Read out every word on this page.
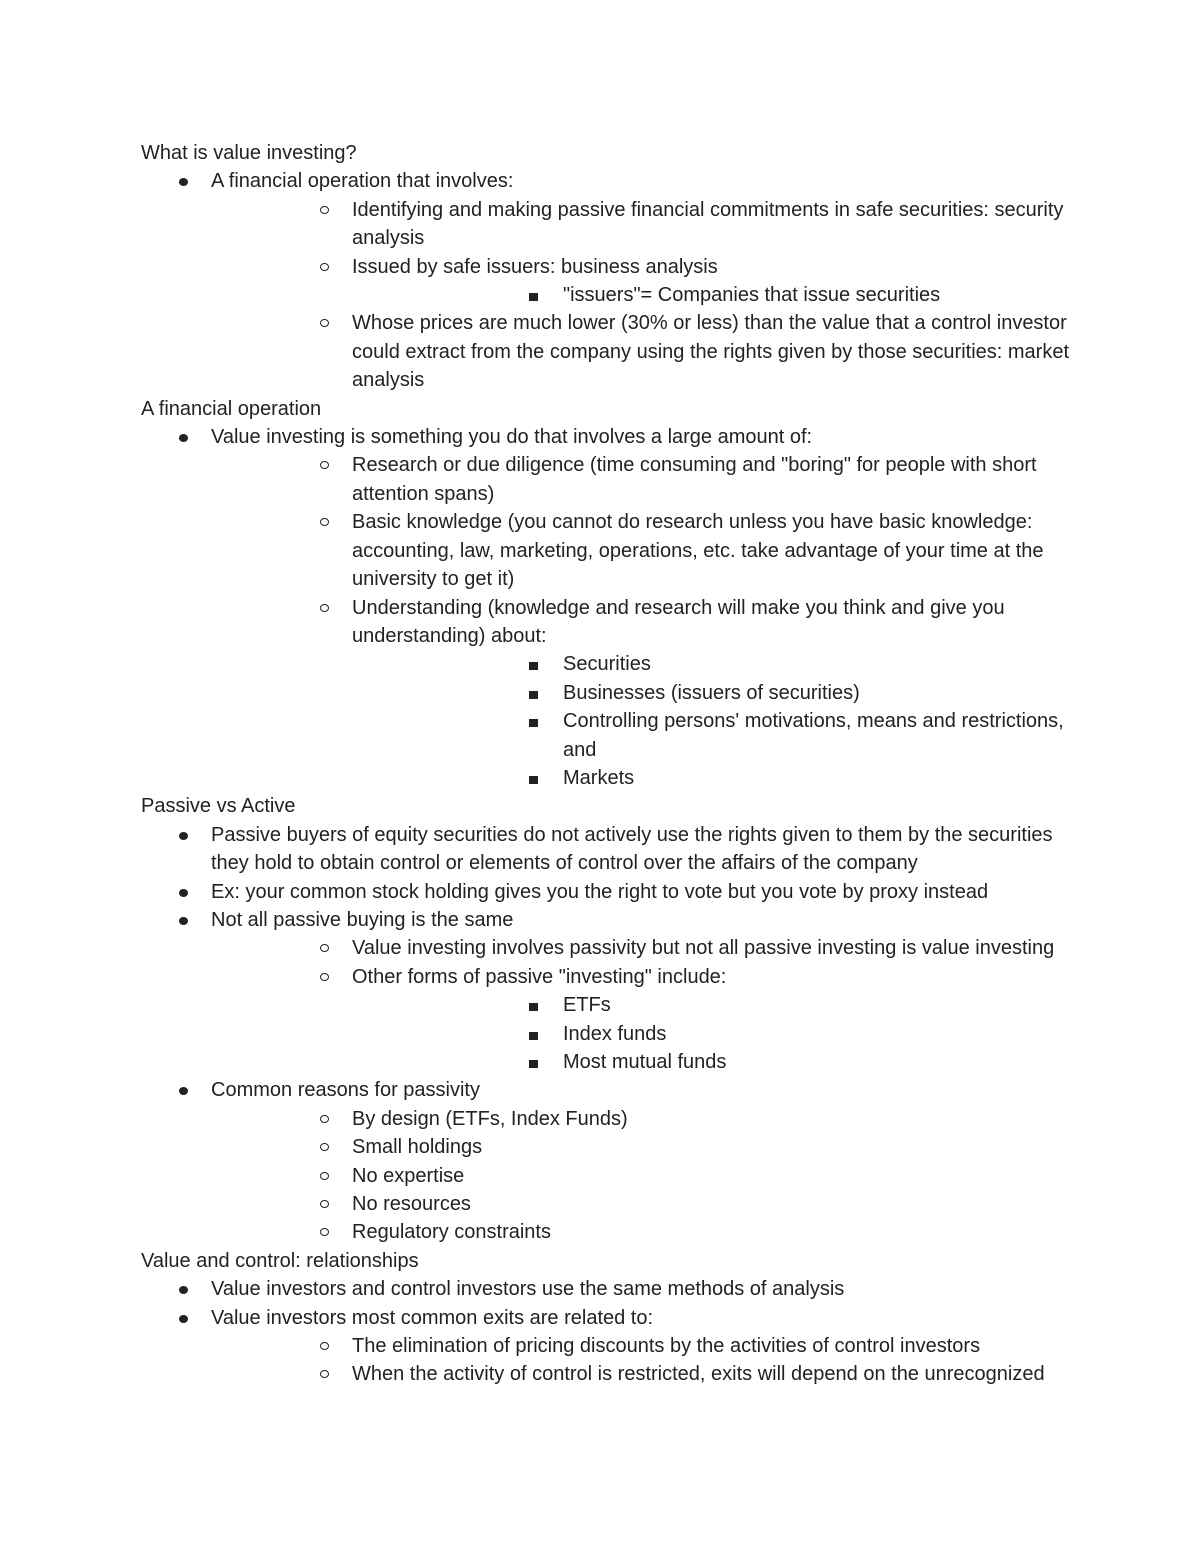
What is value investing?

A financial operation that involves:
Identifying and making passive financial commitments in safe securities: security analysis
Issued by safe issuers: business analysis
"issuers"= Companies that issue securities
Whose prices are much lower (30% or less) than the value that a control investor could extract from the company using the rights given by those securities: market analysis

A financial operation

Value investing is something you do that involves a large amount of:
Research or due diligence (time consuming and "boring" for people with short attention spans)
Basic knowledge (you cannot do research unless you have basic knowledge: accounting, law, marketing, operations, etc. take advantage of your time at the university to get it)
Understanding (knowledge and research will make you think and give you understanding) about:
Securities
Businesses (issuers of securities)
Controlling persons' motivations, means and restrictions, and
Markets

Passive vs Active

Passive buyers of equity securities do not actively use the rights given to them by the securities they hold to obtain control or elements of control over the affairs of the company
Ex: your common stock holding gives you the right to vote but you vote by proxy instead
Not all passive buying is the same
Value investing involves passivity but not all passive investing is value investing
Other forms of passive "investing" include:
ETFs
Index funds
Most mutual funds
Common reasons for passivity
By design (ETFs, Index Funds)
Small holdings
No expertise
No resources
Regulatory constraints

Value and control: relationships

Value investors and control investors use the same methods of analysis
Value investors most common exits are related to:
The elimination of pricing discounts by the activities of control investors
When the activity of control is restricted, exits will depend on the unrecognized
